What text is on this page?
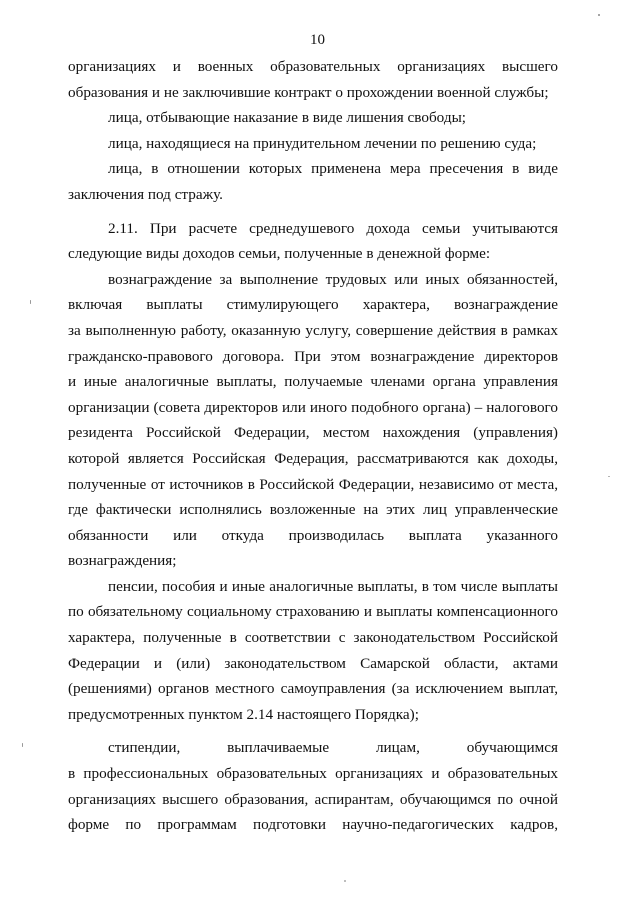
10
организациях и военных образовательных организациях высшего
образования и не заключившие контракт о прохождении военной службы;
лица, отбывающие наказание в виде лишения свободы;
лица, находящиеся на принудительном лечении по решению суда;
лица, в отношении которых применена мера пресечения в виде
заключения под стражу.
2.11. При расчете среднедушевого дохода семьи учитываются
следующие виды доходов семьи, полученные в денежной форме:
вознаграждение за выполнение трудовых или иных обязанностей,
включая выплаты стимулирующего характера, вознаграждение
за выполненную работу, оказанную услугу, совершение действия в рамках
гражданско-правового договора. При этом вознаграждение директоров
и иные аналогичные выплаты, получаемые членами органа управления
организации (совета директоров или иного подобного органа) – налогового
резидента Российской Федерации, местом нахождения (управления)
которой является Российская Федерация, рассматриваются как доходы,
полученные от источников в Российской Федерации, независимо от места,
где фактически исполнялись возложенные на этих лиц управленческие
обязанности или откуда производилась выплата указанного
вознаграждения;
пенсии, пособия и иные аналогичные выплаты, в том числе выплаты
по обязательному социальному страхованию и выплаты компенсационного
характера, полученные в соответствии с законодательством Российской
Федерации и (или) законодательством Самарской области, актами
(решениями) органов местного самоуправления (за исключением выплат,
предусмотренных пунктом 2.14 настоящего Порядка);
стипендии, выплачиваемые лицам, обучающимся
в профессиональных образовательных организациях и образовательных
организациях высшего образования, аспирантам, обучающимся по очной
форме по программам подготовки научно-педагогических кадров,
